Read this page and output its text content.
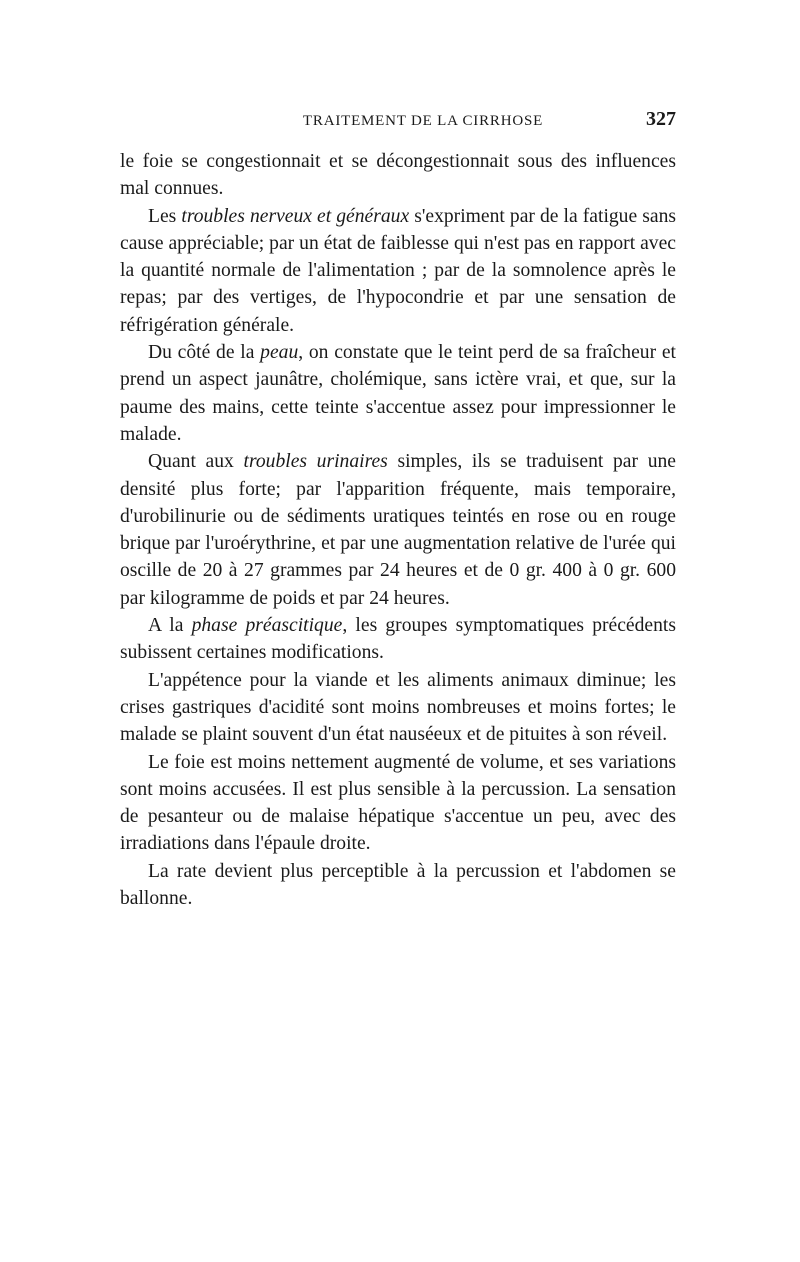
TRAITEMENT DE LA CIRRHOSE	327

le foie se congestionnait et se décongestionnait sous des influences mal connues.

Les troubles nerveux et généraux s'expriment par de la fatigue sans cause appréciable; par un état de faiblesse qui n'est pas en rapport avec la quantité normale de l'alimentation ; par de la somnolence après le repas; par des vertiges, de l'hypocondrie et par une sensation de réfrigération générale.

Du côté de la peau, on constate que le teint perd de sa fraîcheur et prend un aspect jaunâtre, cholémique, sans ictère vrai, et que, sur la paume des mains, cette teinte s'accentue assez pour impressionner le malade.

Quant aux troubles urinaires simples, ils se traduisent par une densité plus forte; par l'apparition fréquente, mais temporaire, d'urobilinurie ou de sédiments uratiques teintés en rose ou en rouge brique par l'uroérythrine, et par une augmentation relative de l'urée qui oscille de 20 à 27 grammes par 24 heures et de 0 gr. 400 à 0 gr. 600 par kilogramme de poids et par 24 heures.

A la phase préascitique, les groupes symptomatiques précédents subissent certaines modifications.

L'appétence pour la viande et les aliments animaux diminue; les crises gastriques d'acidité sont moins nombreuses et moins fortes; le malade se plaint souvent d'un état nauséeux et de pituites à son réveil.

Le foie est moins nettement augmenté de volume, et ses variations sont moins accusées. Il est plus sensible à la percussion. La sensation de pesanteur ou de malaise hépatique s'accentue un peu, avec des irradiations dans l'épaule droite.

La rate devient plus perceptible à la percussion et l'abdomen se ballonne.
